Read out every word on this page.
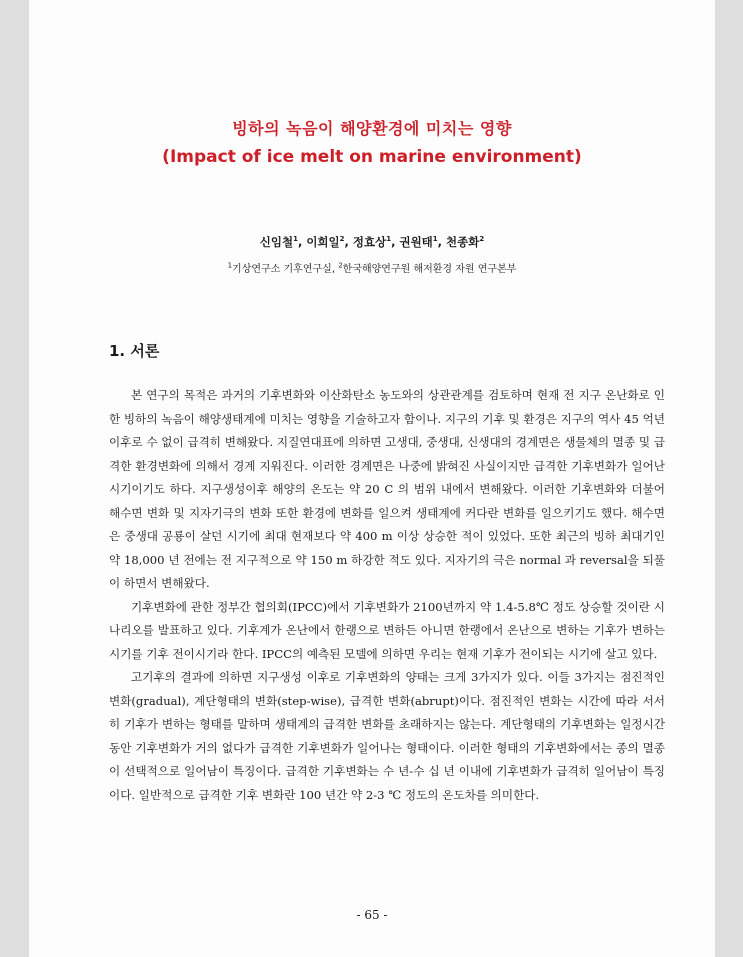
빙하의 녹음이 해양환경에 미치는 영향
(Impact of ice melt on marine environment)
신임철$^1$, 이희일$^2$, 정효상$^1$, 권원태$^1$, 천종화$^2$
$^1$기상연구소 기후연구실, $^2$한국해양연구원 해저환경 자원 연구본부
1. 서론

본 연구의 목적은 과거의 기후변화와 이산화탄소 농도와의 상관관계를 검토하며 현재 전 지구 온난화로 인한 빙하의 녹음이 해양생태계에 미치는 영향을 기술하고자 함이나. 지구의 기후 및 환경은 지구의 역사 45 억년 이후로 수 없이 급격히 변해왔다. 지질연대표에 의하면 고생대, 중생대, 신생대의 경계면은 생물체의 멸종 및 급격한 환경변화에 의해서 경계 지워진다. 이러한 경계면은 나중에 밝혀진 사실이지만 급격한 기후변화가 일어난 시기이기도 하다. 지구생성이후 해양의 온도는 약 20 C 의 범위 내에서 변해왔다. 이러한 기후변화와 더불어 해수면 변화 및 지자기극의 변화 또한 환경에 변화를 일으켜 생태계에 커다란 변화를 일으키기도 했다. 해수면은 중생대 공룡이 살던 시기에 최대 현재보다 약 400 m 이상 상승한 적이 있었다. 또한 최근의 빙하 최대기인 약 18,000 년 전에는 전 지구적으로 약 150 m 하강한 적도 있다. 지자기의 극은 normal 과 reversal을 되풀이 하면서 변해왔다.

기후변화에 관한 정부간 협의회(IPCC)에서 기후변화가 2100년까지 약 1.4-5.8℃ 정도 상승할 것이란 시나리오를 발표하고 있다. 기후계가 온난에서 한랭으로 변하든 아니면 한랭에서 온난으로 변하는 기후가 변하는 시기를 기후 전이시기라 한다. IPCC의 예측된 모델에 의하면 우리는 현재 기후가 전이되는 시기에 살고 있다.

고기후의 결과에 의하면 지구생성 이후로 기후변화의 양태는 크게 3가지가 있다. 이들 3가지는 점진적인 변화(gradual), 계단형태의 변화(step-wise), 급격한 변화(abrupt)이다. 점진적인 변화는 시간에 따라 서서히 기후가 변하는 형태를 말하며 생태계의 급격한 변화를 초래하지는 않는다. 계단형태의 기후변화는 일정시간동안 기후변화가 거의 없다가 급격한 기후변화가 일어나는 형태이다. 이러한 형태의 기후변화에서는 종의 멸종이 선택적으로 일어남이 특징이다. 급격한 기후변화는 수 년-수 십 년 이내에 기후변화가 급격히 일어남이 특징이다. 일반적으로 급격한 기후 변화란 100 년간 약 2-3 ℃ 정도의 온도차를 의미한다.

- 65 -
